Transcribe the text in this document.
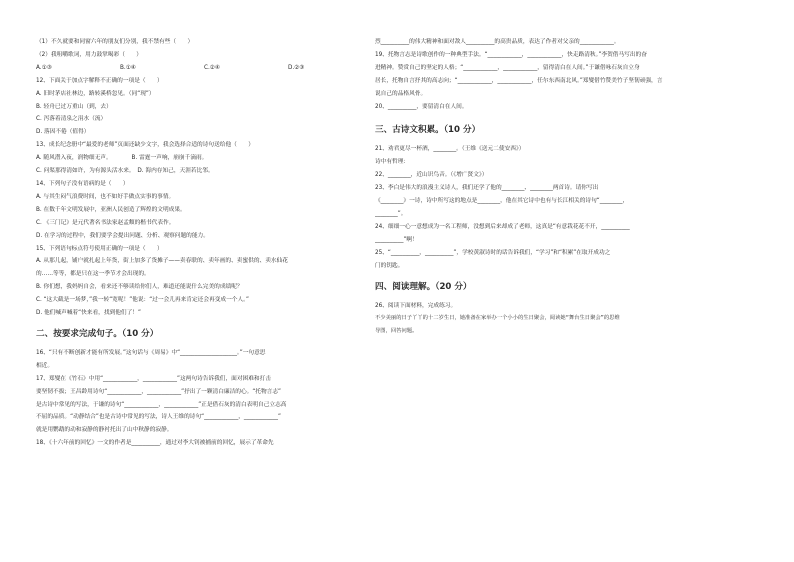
（1）不久就要和同窗六年的朋友们分别，我不禁有些（　　）
（2）我咀嚼歌词，用力鼓掌喝彩（　　）
A.①③	B.①④	C.②④	D.②③
12、下面关于加点字解释不正确的一项是（　　）
A. 旧时茅店社林边，路转溪桥忽见。（同“现”）
B. 轻舟已过万重山（到，去）
C. 泻落着清泉之涓水（流）
D. 落因不倦（值得）
13、成长纪念册中“最爱的老师”页面还缺少文字，我会选择合适的诗句送给他（　　）
A. 随风潜入夜，润物细无声。　　　　B. 雷霆一声响，崩崩千滴雨。
C. 问渠那得清如许，为有源头活水来。　D. 海内存知己，天涯若比邻。
14、下列句子没有语病的是（　　）
A. 与其生闷气浪费时间，也不如好手做点实事的事情。
B. 在数千年文明发展中，亚洲人民创造了辉煌的文明成果。
C. 《三门记》是元代著名书法家赵孟頫的楷书代表作。
D. 在学习的过程中，我们要学会提出问题、分析、观察问题的能力。
15、下列语句标点符号使用正确的一项是（　　）
A. 从那儿起，铺户就扎起上年货，街上加多了货摊子——卖春联的、卖年画的、卖蜜供的、卖水仙花
的……等等，都是只在这一季节才会出现的。
B. 你们想，我妈妈自会，看来还不够读给你们人，难道还能说什么完美的成绩呢？
C. “这大截是一场梦，”我一转“宽呢！”他说：“过一会儿再来肯定还会再变成一个人。”
D. 他们喊声喊着“快来看，找到他们了！”
二、按要求完成句子。（10 分）
16、“只有不断创新才能有所发展。”这句话与《周易》中“____________________。”一句意思
相近。
17、郑燮在《竹石》中用“____________，____________”这两句诗告诉我们，面对困难和打击
要坚韧不拔；王昌龄用诗句“____________，____________”抒出了一颗清白廉洁的心。“托物言志”
是古诗中常见的写法，于谦的诗句“____________，____________”正是借石灰的清白表明自己立志高
不屈的品质。“动静结合”也是古诗中常见的写法，诗人王维的诗句“____________，____________”
就是用鹦鹉的动和寂静的静衬托出了山中秋静的寂静。
18、《十六年前的回忆》一文的作者是__________，通过对李大钊被捕前的回忆，展示了革命先
烈__________的伟大精神和面对敌人__________的高贵品质，表达了作者对父亲的____________。
19、托物言志是诗歌创作的一种典型手法。“____________，____________，快走路清秋。”李贺借马写出的奋
进精神。赞赏自己的坚定的人格；“____________，____________，留得清白在人间。”于谦借咏石灰自立身
居长，托物自言抒其的高志向；“____________，____________，任尔东西南北风。”郑燮借竹赞美竹子坚韧顽强，言
说自己的品格风骨。
20、__________，要留清白在人间。
三、古诗文积累。（10 分）
21、劝君更尽一杯酒，________。（王维《送元二使安西》）
诗中有哲理：
22、________，近山识鸟音。（《增广贤文》）
23、李白是伟大的浪漫主义诗人，我们还学了他的________、________两首诗。请你写出
《________》一诗，诗中所写这的地点是________，他在其它诗中也有与长江相关的诗句“________，
________”。
24、细细一心一意想成为一名工程师，没想到后来却成了老师，这真是“有意栽花花不开，__________
__________”啊！
25、“__________，__________”，学校黄淑诗时的话告诉我们，“学习”和“积累”在取开成功之
门的钥匙。
四、阅读理解。（20 分）
26、阅读下面材料，完成练习。
不少美丽的日子丫丫的十二岁生日，她准备在家举办一个小小的生日聚会，阅读她“舞台生日聚会”的思维
导图，回答问题。
